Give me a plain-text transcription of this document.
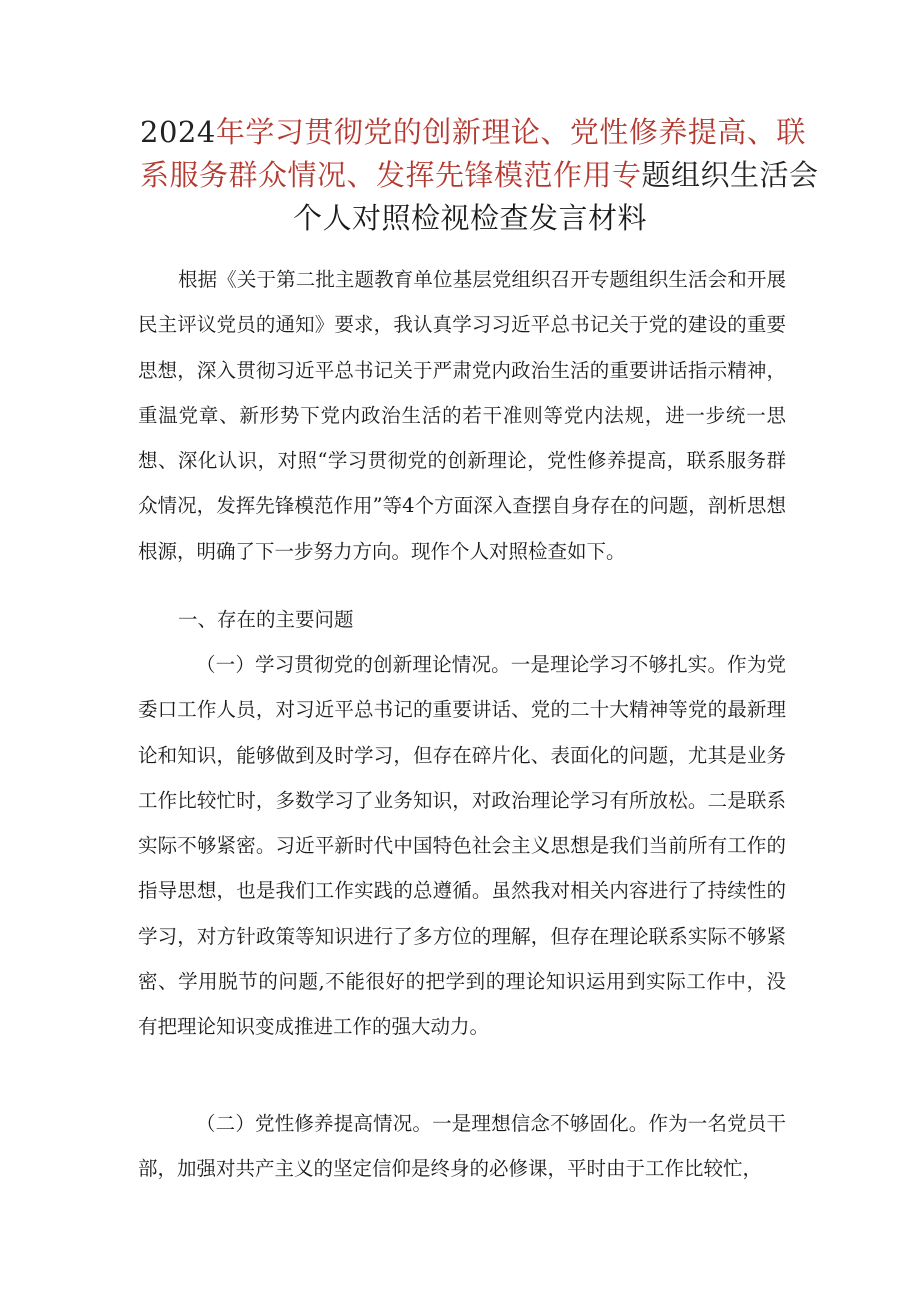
2024年学习贯彻党的创新理论、党性修养提高、联
系服务群众情况、发挥先锋模范作用专题组织生活会
个人对照检视检查发言材料

根据《关于第二批主题教育单位基层党组织召开专题组织生活会和开展民主评议党员的通知》要求，我认真学习习近平总书记关于党的建设的重要思想，深入贯彻习近平总书记关于严肃党内政治生活的重要讲话指示精神，重温党章、新形势下党内政治生活的若干准则等党内法规，进一步统一思想、深化认识，对照“学习贯彻党的创新理论，党性修养提高，联系服务群众情况，发挥先锋模范作用”等4个方面深入查摆自身存在的问题，剖析思想根源，明确了下一步努力方向。现作个人对照检查如下。

一、存在的主要问题

（一）学习贯彻党的创新理论情况。一是理论学习不够扎实。作为党委口工作人员，对习近平总书记的重要讲话、党的二十大精神等党的最新理论和知识，能够做到及时学习，但存在碎片化、表面化的问题，尤其是业务工作比较忙时，多数学习了业务知识，对政治理论学习有所放松。二是联系实际不够紧密。习近平新时代中国特色社会主义思想是我们当前所有工作的指导思想，也是我们工作实践的总遵循。虽然我对相关内容进行了持续性的学习，对方针政策等知识进行了多方位的理解，但存在理论联系实际不够紧密、学用脱节的问题,不能很好的把学到的理论知识运用到实际工作中，没有把理论知识变成推进工作的强大动力。

（二）党性修养提高情况。一是理想信念不够固化。作为一名党员干部，加强对共产主义的坚定信仰是终身的必修课，平时由于工作比较忙，
